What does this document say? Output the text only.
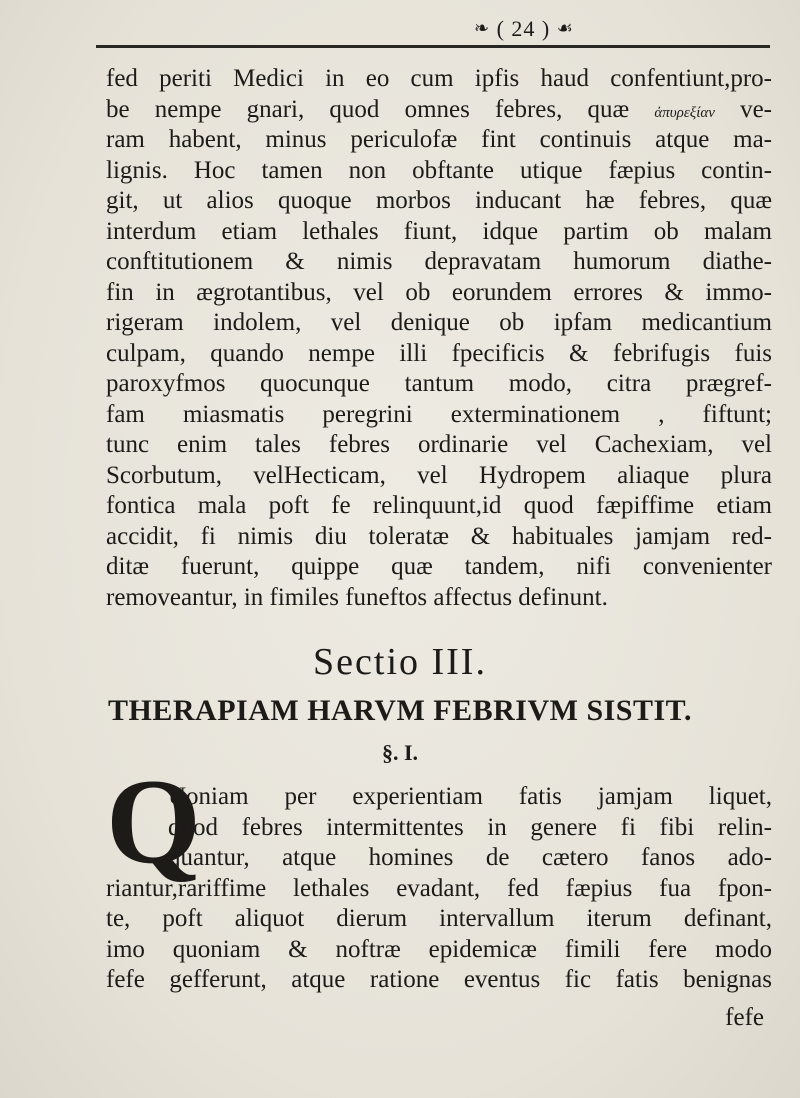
❧ ( 24 ) ☙
fed periti Medici in eo cum ipfis haud confentiunt,pro-
be nempe gnari, quod omnes febres, quæ ἀπυρεξίαν ve-
ram habent, minus periculofæ fint continuis atque ma-
lignis. Hoc tamen non obftante utique fæpius contin-
git, ut alios quoque morbos inducant hæ febres, quæ
interdum etiam lethales fiunt, idque partim ob malam
conftitutionem & nimis depravatam humorum diathe-
fin in ægrotantibus, vel ob eorundem errores & immo-
rigeram indolem, vel denique ob ipfam medicantium
culpam, quando nempe illi fpecificis & febrifugis fuis
paroxyfmos quocunque tantum modo, citra prægref-
fam miasmatis peregrini exterminationem , fiftunt;
tunc enim tales febres ordinarie vel Cachexiam, vel
Scorbutum, velHecticam, vel Hydropem aliaque plura
fontica mala poft fe relinquunt,id quod fæpiffime etiam
accidit, fi nimis diu toleratæ & habituales jamjam red-
ditæ fuerunt, quippe quæ tandem, nifi convenienter
removeantur, in fimiles funeftos affectus definunt.
Sectio III.
THERAPIAM HARVM FEBRIVM SISTIT.
§. I.
Q
Uoniam per experientiam fatis jamjam liquet,
quod febres intermittentes in genere fi fibi relin-
quantur, atque homines de cætero fanos ado-
riantur,rariffime lethales evadant, fed fæpius fua fpon-
te, poft aliquot dierum intervallum iterum definant,
imo quoniam & noftræ epidemicæ fimili fere modo
fefe gefferunt, atque ratione eventus fic fatis benignas
fefe
